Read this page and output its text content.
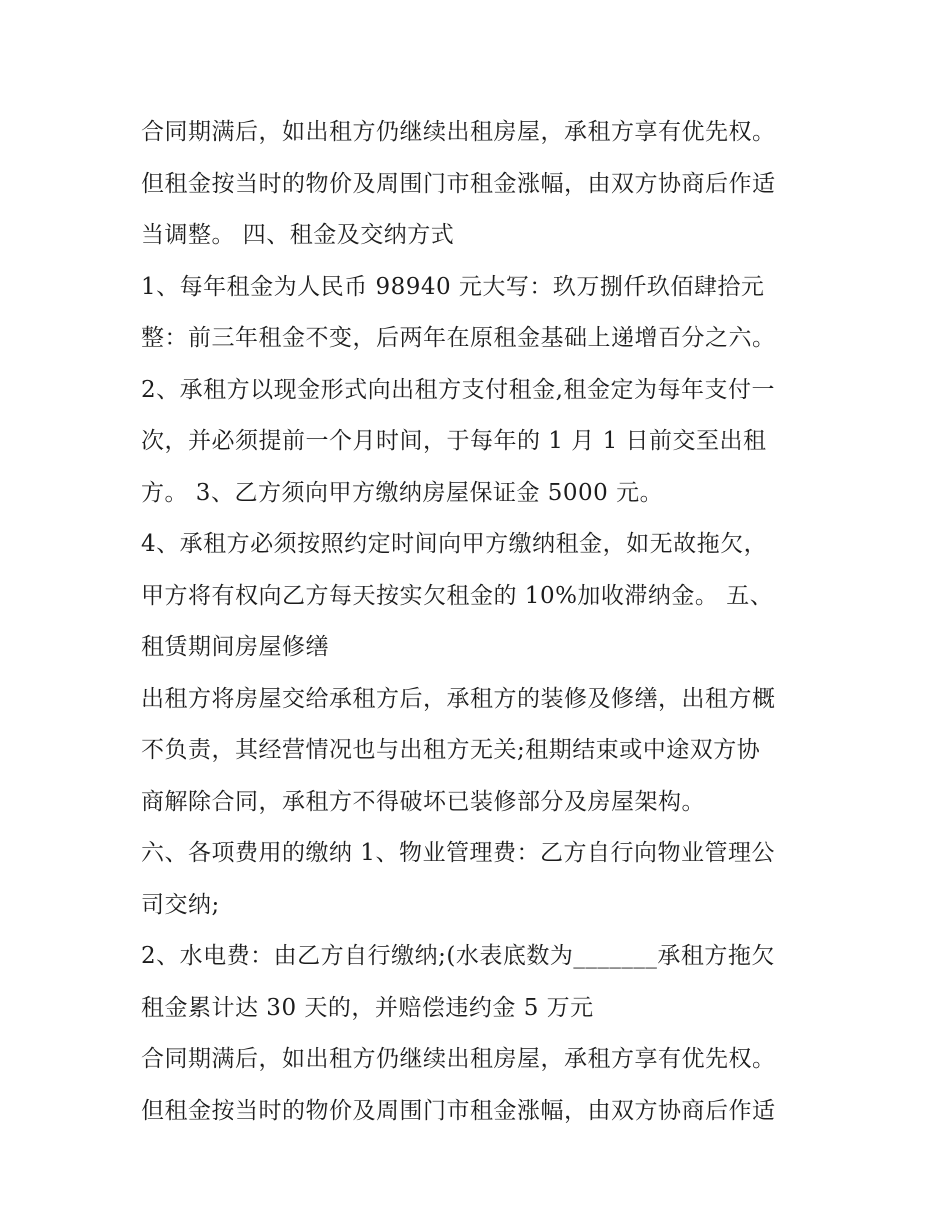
合同期满后，如出租方仍继续出租房屋，承租方享有优先权。
但租金按当时的物价及周围门市租金涨幅，由双方协商后作适
当调整。 四、租金及交纳方式
1、每年租金为人民币 98940 元大写：玖万捌仟玖佰肆拾元
整：前三年租金不变，后两年在原租金基础上递增百分之六。
2、承租方以现金形式向出租方支付租金,租金定为每年支付一
次，并必须提前一个月时间，于每年的 1 月 1 日前交至出租
方。 3、乙方须向甲方缴纳房屋保证金 5000 元。
4、承租方必须按照约定时间向甲方缴纳租金，如无故拖欠，
甲方将有权向乙方每天按实欠租金的 10%加收滞纳金。 五、
租赁期间房屋修缮
出租方将房屋交给承租方后，承租方的装修及修缮，出租方概
不负责，其经营情况也与出租方无关;租期结束或中途双方协
商解除合同，承租方不得破坏已装修部分及房屋架构。
六、各项费用的缴纳 1、物业管理费：乙方自行向物业管理公
司交纳;
2、水电费：由乙方自行缴纳;(水表底数为_______承租方拖欠
租金累计达 30 天的，并赔偿违约金 5 万元
合同期满后，如出租方仍继续出租房屋，承租方享有优先权。
但租金按当时的物价及周围门市租金涨幅，由双方协商后作适
